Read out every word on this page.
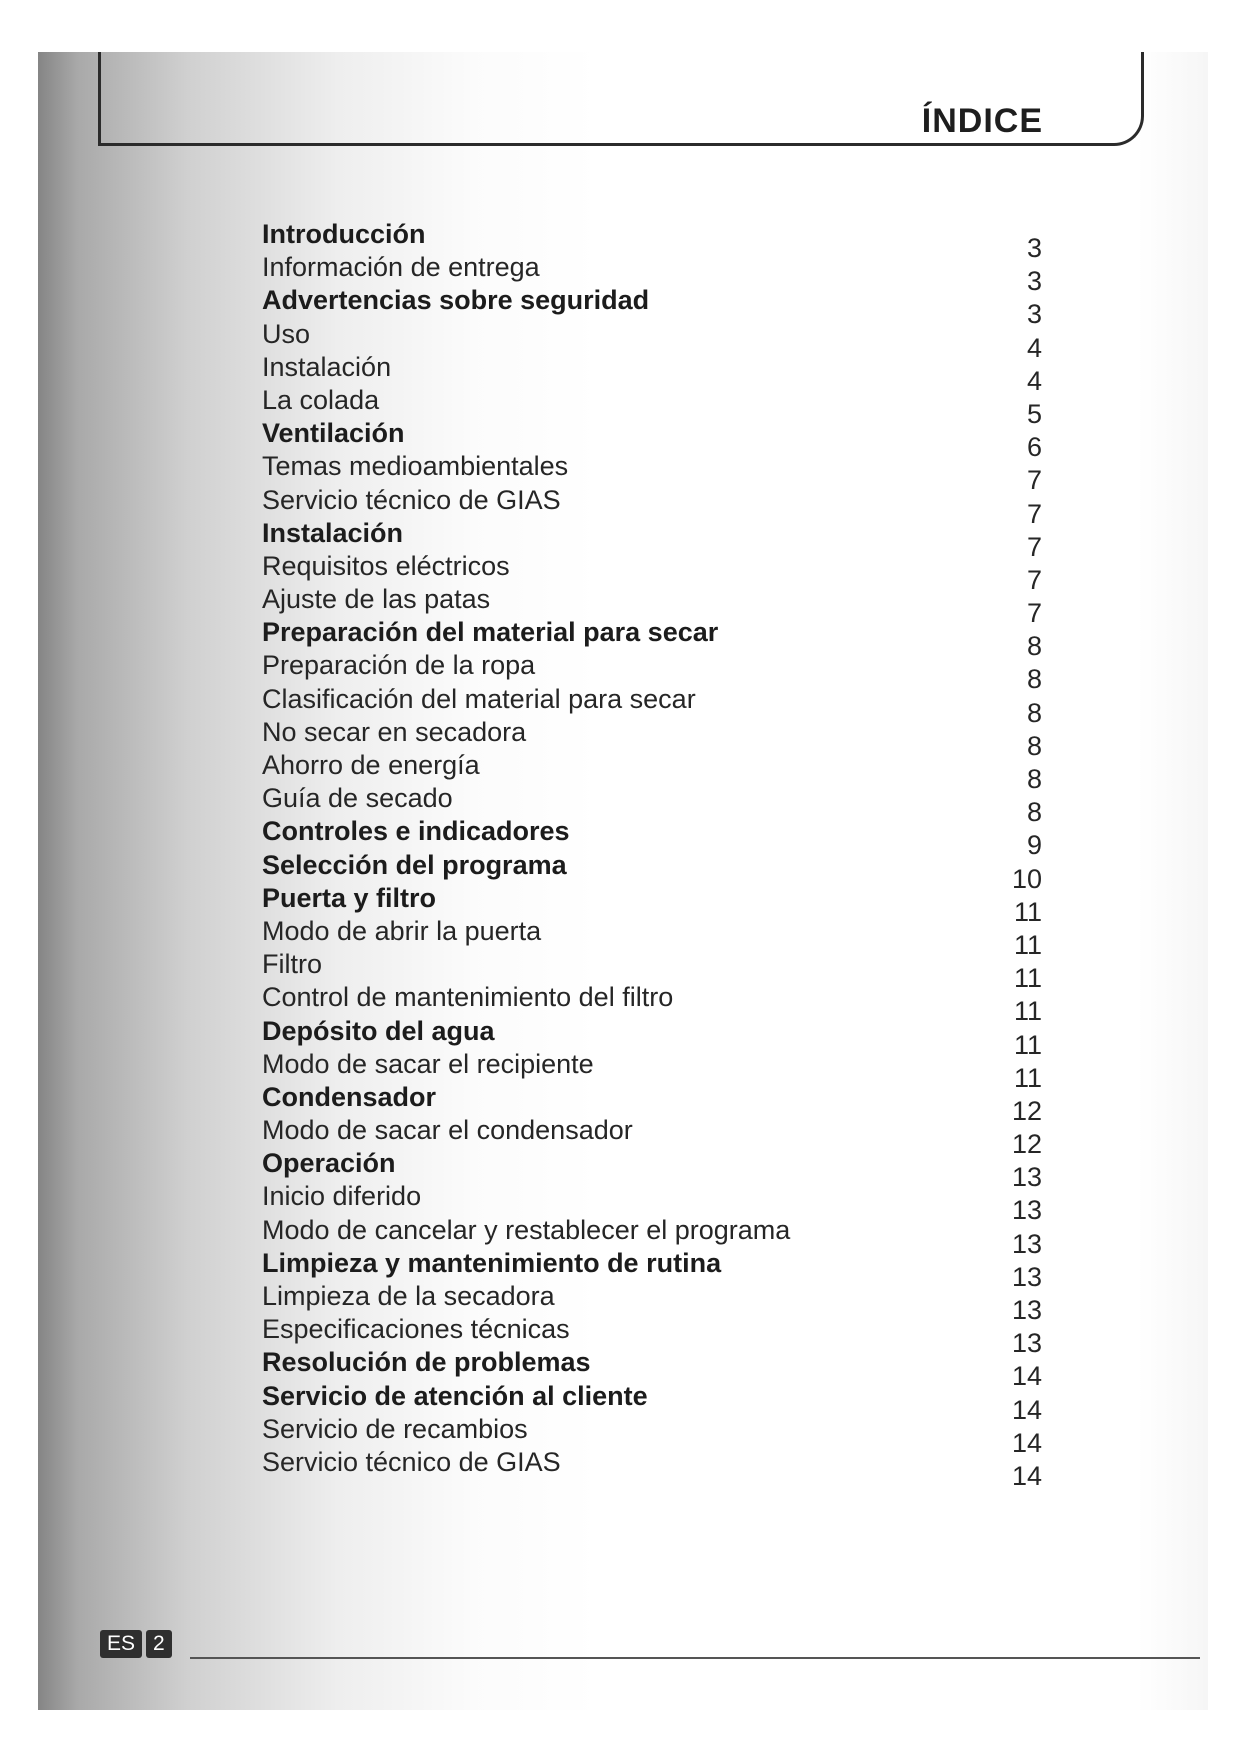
ÍNDICE
Introducción
Información de entrega
Advertencias sobre seguridad
Uso
Instalación
La colada
Ventilación
Temas medioambientales
Servicio técnico de GIAS
Instalación
Requisitos eléctricos
Ajuste de las patas
Preparación del material para secar
Preparación de la ropa
Clasificación del material para secar
No secar en secadora
Ahorro de energía
Guía de secado
Controles e indicadores
Selección del programa
Puerta y filtro
Modo de abrir la puerta
Filtro
Control de mantenimiento del filtro
Depósito del agua
Modo de sacar el recipiente
Condensador
Modo de sacar el condensador
Operación
Inicio diferido
Modo de cancelar y restablecer el programa
Limpieza y mantenimiento de rutina
Limpieza de la secadora
Especificaciones técnicas
Resolución de problemas
Servicio de atención al cliente
Servicio de recambios
Servicio técnico de GIAS
3
3
3
4
4
5
6
7
7
7
7
7
8
8
8
8
8
8
9
10
11
11
11
11
11
11
12
12
13
13
13
13
13
13
14
14
14
14
ES 2
